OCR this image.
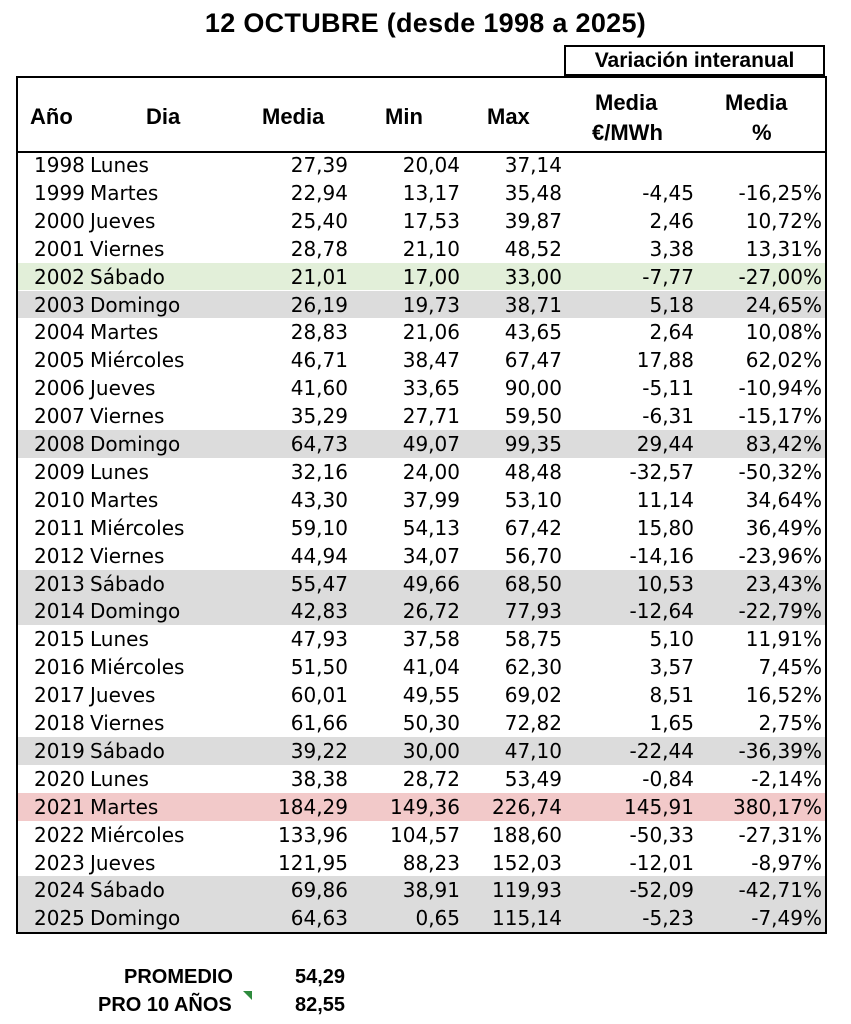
12 OCTUBRE (desde 1998 a 2025)
Variación interanual
Año	Dia	Media	Min	Max
Media
€/MWh
Media
%
1998 Lunes	27,39	20,04 37,14
1999 Martes	22,94	13,17 35,48	-4,45 -16,25%
2000 Jueves	25,40	17,53 39,87	2,46	10,72%
2001 Viernes	28,78	21,10 48,52	3,38	13,31%
2002 Sábado	21,01	17,00 33,00	-7,77 -27,00%
2003 Domingo	26,19	19,73 38,71	5,18	24,65%
2004 Martes	28,83	21,06 43,65	2,64	10,08%
2005 Miércoles	46,71	38,47 67,47	17,88	62,02%
2006 Jueves	41,60	33,65 90,00	-5,11 -10,94%
2007 Viernes	35,29	27,71 59,50	-6,31 -15,17%
2008 Domingo	64,73	49,07 99,35	29,44	83,42%
2009 Lunes	32,16	24,00 48,48	-32,57 -50,32%
2010 Martes	43,30	37,99 53,10	11,14	34,64%
2011 Miércoles	59,10	54,13 67,42	15,80	36,49%
2012 Viernes	44,94	34,07 56,70	-14,16 -23,96%
2013 Sábado	55,47	49,66 68,50	10,53	23,43%
2014 Domingo	42,83	26,72 77,93	-12,64 -22,79%
2015 Lunes	47,93	37,58 58,75	5,10	11,91%
2016 Miércoles	51,50	41,04 62,30	3,57	7,45%
2017 Jueves	60,01	49,55 69,02	8,51	16,52%
2018 Viernes	61,66	50,30 72,82	1,65	2,75%
2019 Sábado	39,22	30,00 47,10	-22,44 -36,39%
2020 Lunes	38,38	28,72 53,49	-0,84	-2,14%
2021 Martes	184,29 149,36 226,74	145,91 380,17%
2022 Miércoles	133,96 104,57 188,60	-50,33 -27,31%
2023 Jueves	121,95	88,23 152,03	-12,01	-8,97%
2024 Sábado	69,86	38,91 119,93	-52,09 -42,71%
2025 Domingo	64,63	0,65 115,14	-5,23	-7,49%
PROMEDIO	54,29
PRO 10 AÑOS	82,55
